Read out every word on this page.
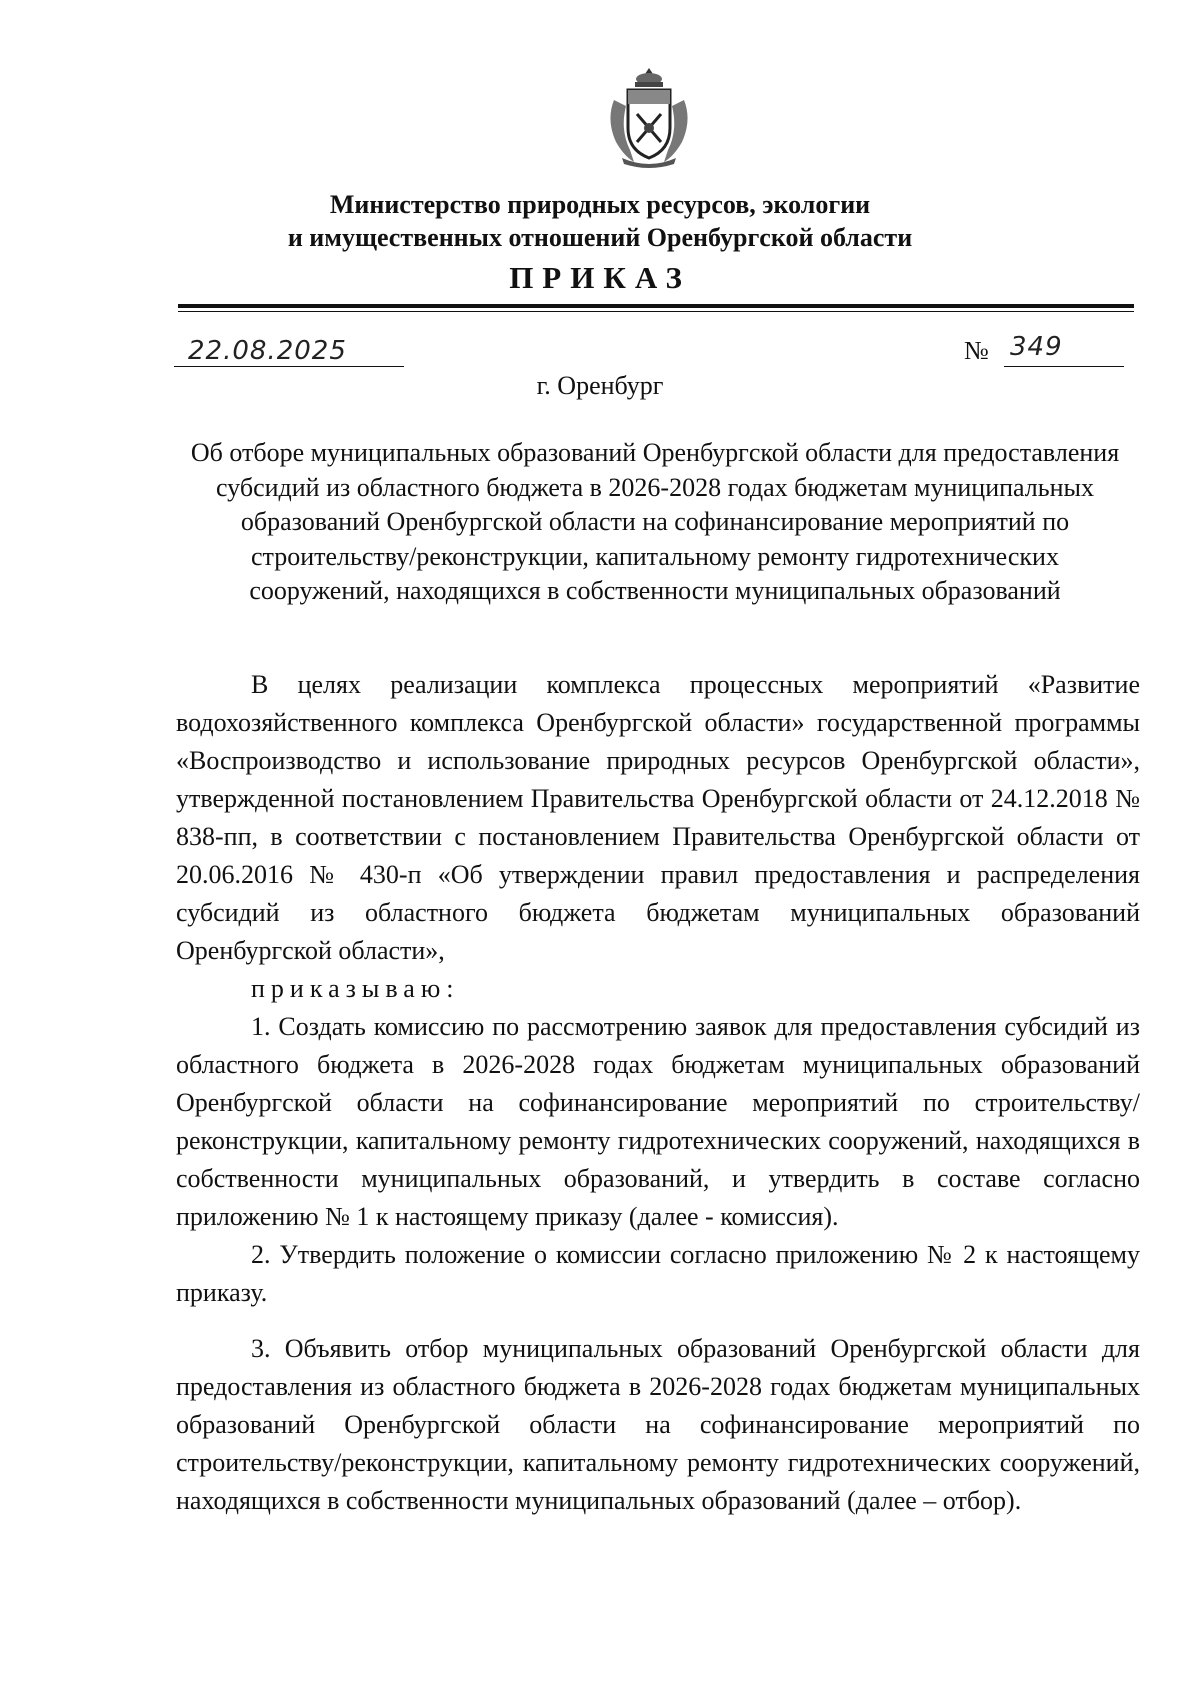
Министерство природных ресурсов, экологии
и имущественных отношений Оренбургской области
ПРИКАЗ
22.08.2025	№ 349
г. Оренбург
Об отборе муниципальных образований Оренбургской области для предоставления субсидий из областного бюджета в 2026-2028 годах бюджетам муниципальных образований Оренбургской области на софинансирование мероприятий по строительству/реконструкции, капитальному ремонту гидротехнических сооружений, находящихся в собственности муниципальных образований

В целях реализации комплекса процессных мероприятий «Развитие водохозяйственного комплекса Оренбургской области» государственной программы «Воспроизводство и использование природных ресурсов Оренбургской области», утвержденной постановлением Правительства Оренбургской области от 24.12.2018 № 838-пп, в соответствии с постановлением Правительства Оренбургской области от 20.06.2016 № 430-п «Об утверждении правил предоставления и распределения субсидий из областного бюджета бюджетам муниципальных образований Оренбургской области»,

приказываю:

1. Создать комиссию по рассмотрению заявок для предоставления субсидий из областного бюджета в 2026-2028 годах бюджетам муниципальных образований Оренбургской области на софинансирование мероприятий по строительству/реконструкции, капитальному ремонту гидротехнических сооружений, находящихся в собственности муниципальных образований, и утвердить в составе согласно приложению № 1 к настоящему приказу (далее - комиссия).

2. Утвердить положение о комиссии согласно приложению № 2 к настоящему приказу.

3. Объявить отбор муниципальных образований Оренбургской области для предоставления из областного бюджета в 2026-2028 годах бюджетам муниципальных образований Оренбургской области на софинансирование мероприятий по строительству/реконструкции, капитальному ремонту гидротехнических сооружений, находящихся в собственности муниципальных образований (далее – отбор).
